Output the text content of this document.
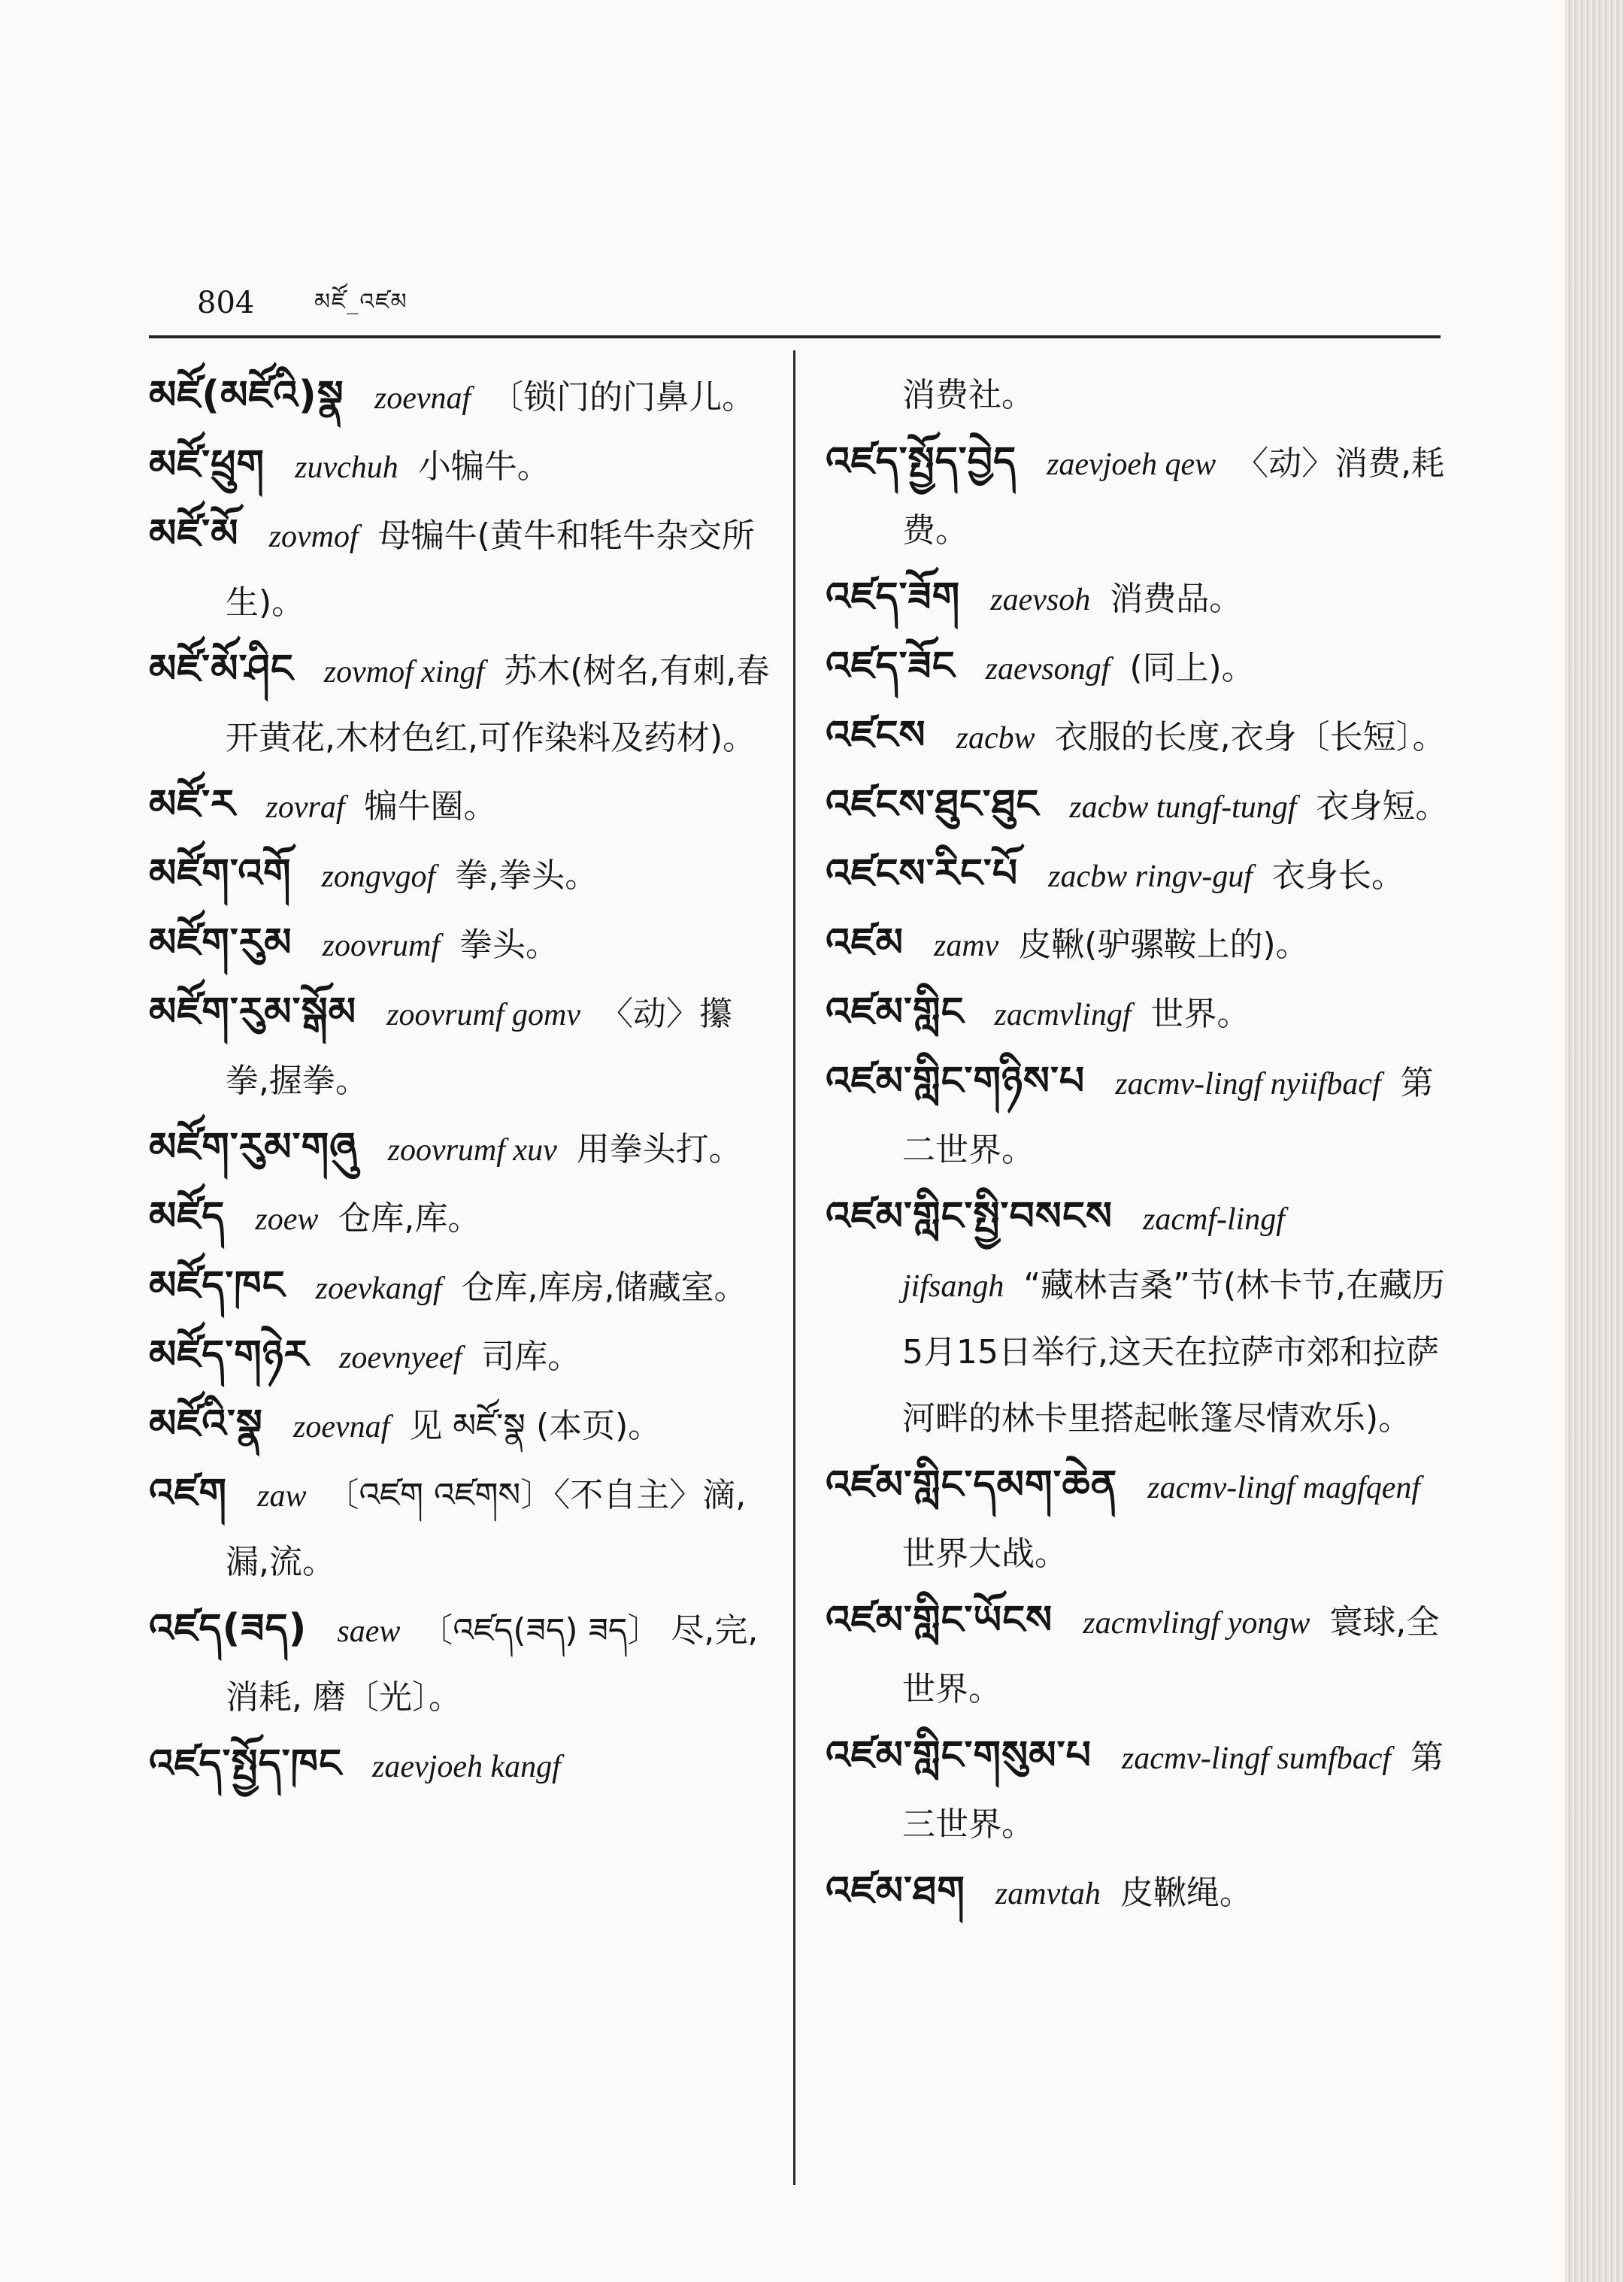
804	མཛོ_འཛམ
མཛོ(མཛོའི)སྣ zoeνnaf 〔锁门的门鼻儿。
མཛོ་ཕྲུག zuνchuh 小犏牛。
མཛོ་མོ zoνmof 母犏牛(黄牛和牦牛杂交所生)。
མཛོ་མོ་ཤིང zoνmof xingf 苏木(树名,有刺,春开黄花,木材色红,可作染料及药材)。
མཛོ་ར zoνraf 犏牛圈。
མཛོག་འགོ zongνgof 拳,拳头。
མཛོག་རུམ zooνrumf 拳头。
མཛོག་རུམ་སྒོམ zooνrumf gomν 〈动〉攥拳,握拳。
མཛོག་རུམ་གཞུ zooνrumf xuν 用拳头打。
མཛོད zoew 仓库,库。
མཛོད་ཁང zoeνkangf 仓库,库房,储藏室。
མཛོད་གཉེར zoeνnyeef 司库。
མཛོའི་སྣ zoeνnaf 见 མཛོ་སྣ (本页)。
འཛག zaw 〔འཛག འཛགས〕〈不自主〉滴,漏,流。
འཛད(ཟད) saew 〔འཛད(ཟད) ཟད〕 尽,完,消耗, 磨〔光〕。
འཛད་སྤྱོད་ཁང zaeνjoeh kangf
消费社。
འཛད་སྤྱོད་བྱེད zaeνjoeh qew 〈动〉消费,耗费。
འཛད་ཟོག zaeνsoh 消费品。
འཛད་ཟོང zaeνsongf (同上)。
འཛངས zacbw 衣服的长度,衣身〔长短〕。
འཛངས་ཐུང་ཐུང zacbw tungf-tungf 衣身短。
འཛངས་རིང་པོ zacbw ringν-guf 衣身长。
འཛམ zamν 皮鞦(驴骡鞍上的)。
འཛམ་གླིང zacmνlingf 世界。
འཛམ་གླིང་གཉིས་པ zacmν-lingf nyiifbacf 第二世界。
འཛམ་གླིང་སྤྱི་བསངས zacmf-lingf jifsangh “藏林吉桑”节(林卡节,在藏历5月15日举行,这天在拉萨市郊和拉萨河畔的林卡里搭起帐篷尽情欢乐)。
འཛམ་གླིང་དམག་ཆེན zacmν-lingf magfqenf世界大战。
འཛམ་གླིང་ཡོངས zacmνlingf yongw 寰球,全世界。
འཛམ་གླིང་གསུམ་པ zacmν-lingf sumfbacf 第三世界。
འཛམ་ཐག zamνtah 皮鞦绳。
